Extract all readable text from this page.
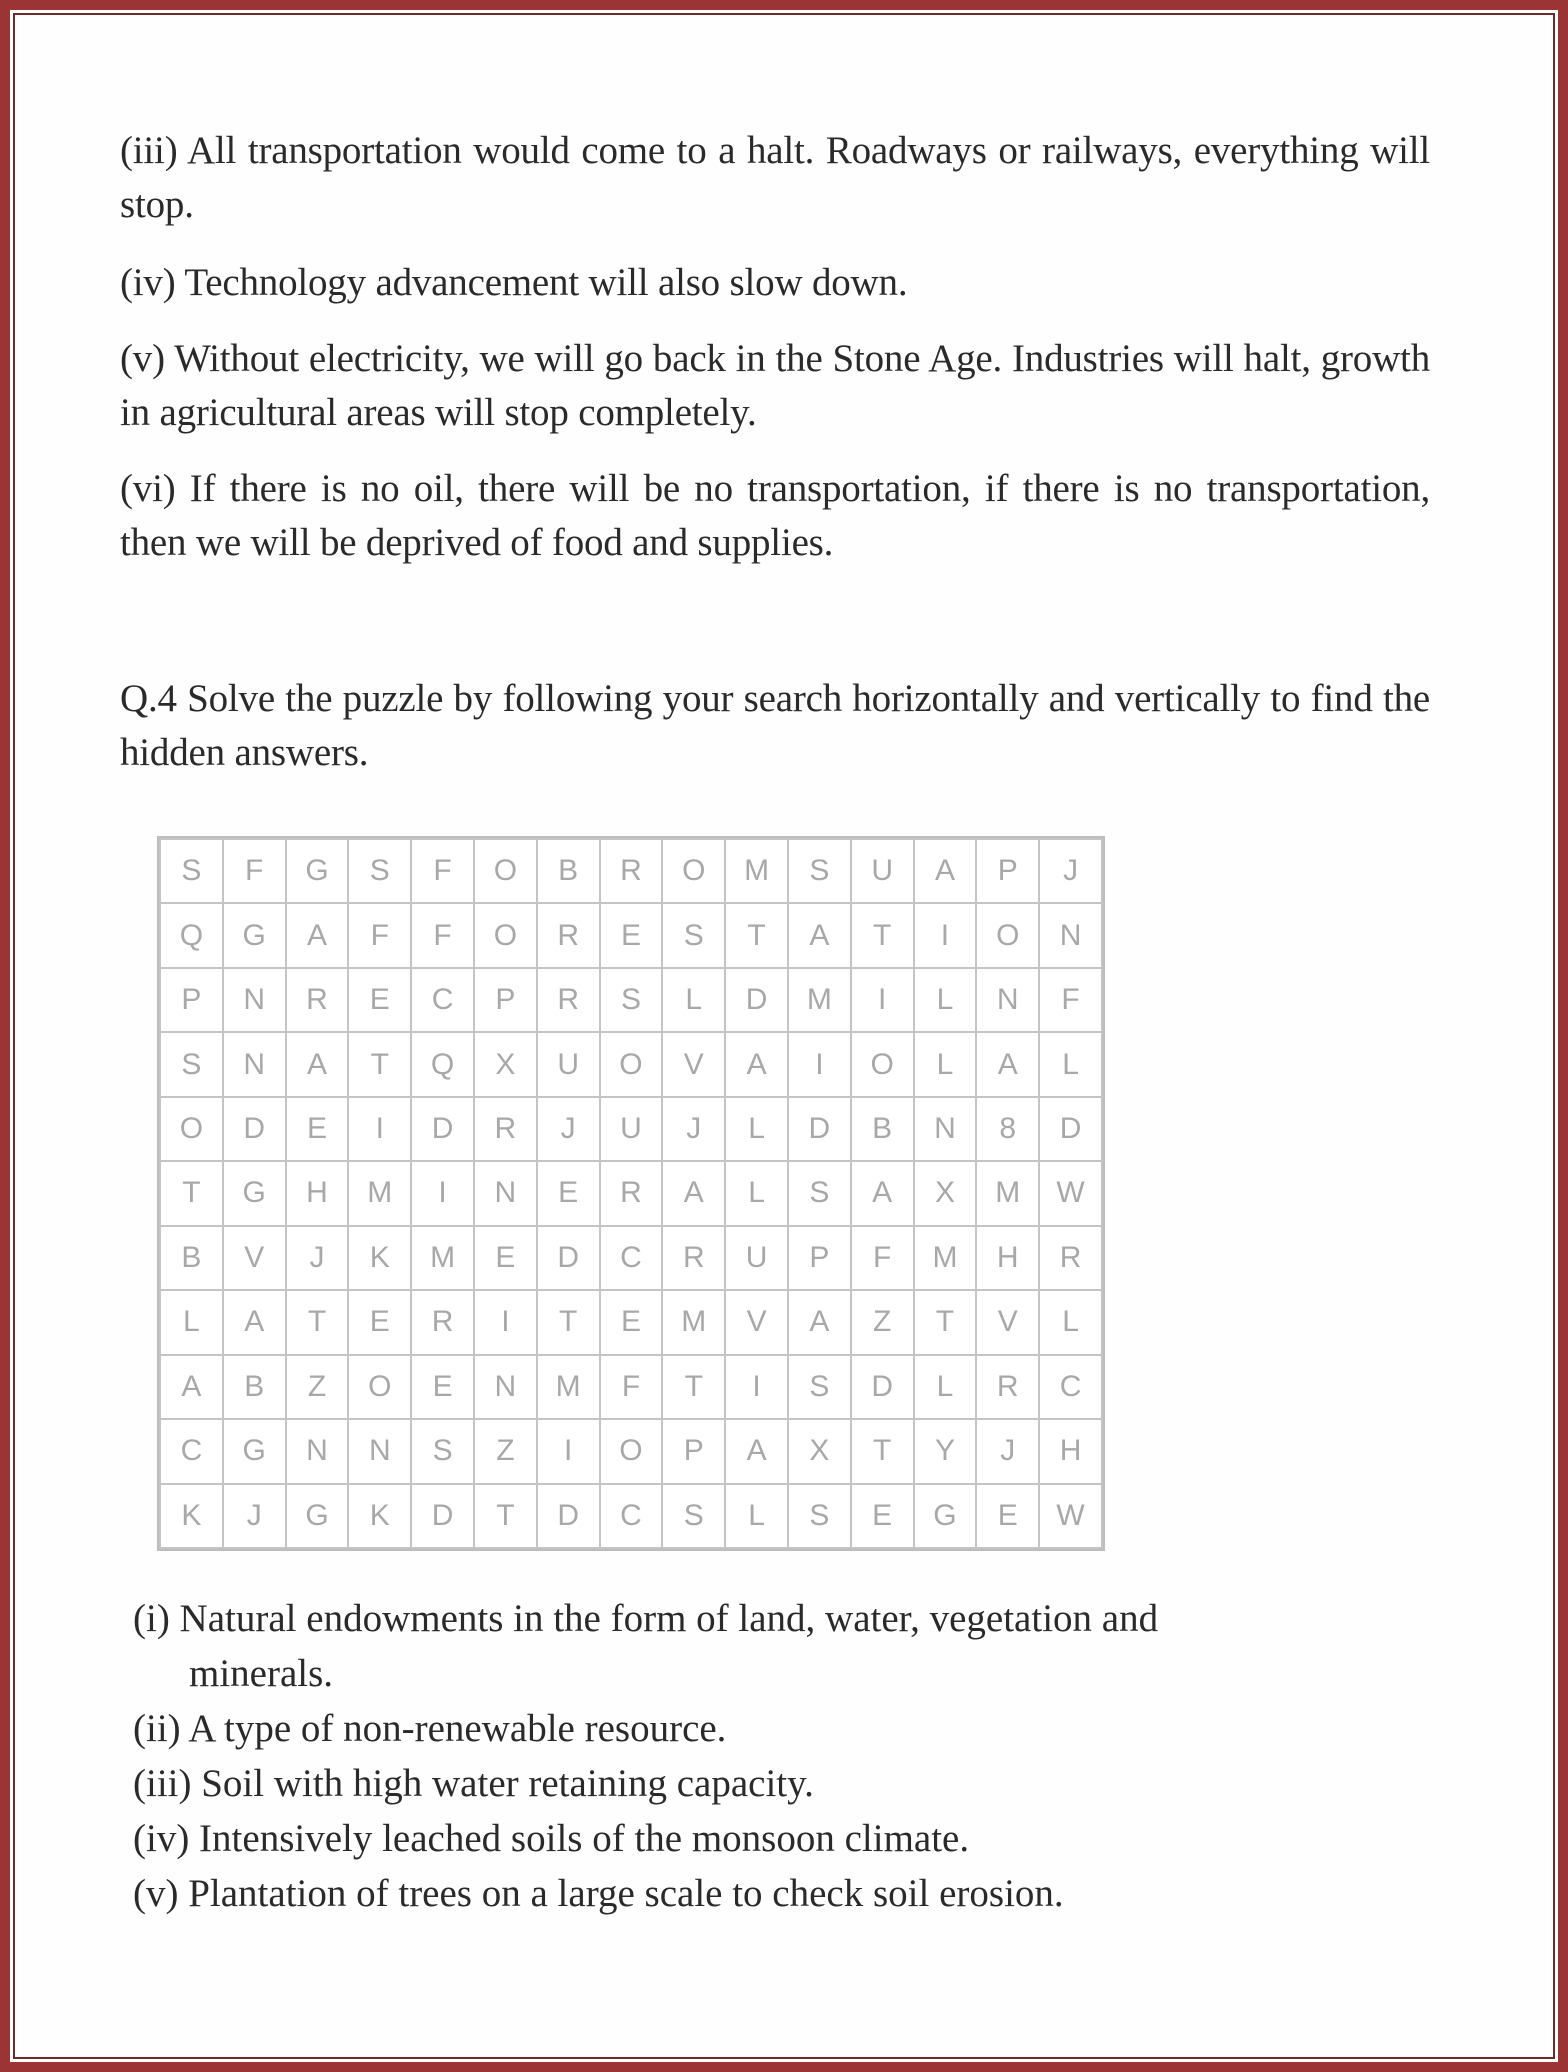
(iii) All transportation would come to a halt. Roadways or railways, everything will stop.

(iv) Technology advancement will also slow down.

(v) Without electricity, we will go back in the Stone Age. Industries will halt, growth in agricultural areas will stop completely.

(vi) If there is no oil, there will be no transportation, if there is no transportation, then we will be deprived of food and supplies.

Q.4 Solve the puzzle by following your search horizontally and vertically to find the hidden answers.

S	F	G	S	F	O	B	R	O	M	S	U	A	P	J
Q	G	A	F	F	O	R	E	S	T	A	T	I	O	N
P	N	R	E	C	P	R	S	L	D	M	I	L	N	F
S	N	A	T	Q	X	U	O	V	A	I	O	L	A	L
O	D	E	I	D	R	J	U	J	L	D	B	N	8	D
T	G	H	M	I	N	E	R	A	L	S	A	X	M	W
B	V	J	K	M	E	D	C	R	U	P	F	M	H	R
L	A	T	E	R	I	T	E	M	V	A	Z	T	V	L
A	B	Z	O	E	N	M	F	T	I	S	D	L	R	C
C	G	N	N	S	Z	I	O	P	A	X	T	Y	J	H
K	J	G	K	D	T	D	C	S	L	S	E	G	E	W

(i) Natural endowments in the form of land, water, vegetation and
minerals.

(ii) A type of non-renewable resource.

(iii) Soil with high water retaining capacity.

(iv) Intensively leached soils of the monsoon climate.

(v) Plantation of trees on a large scale to check soil erosion.
